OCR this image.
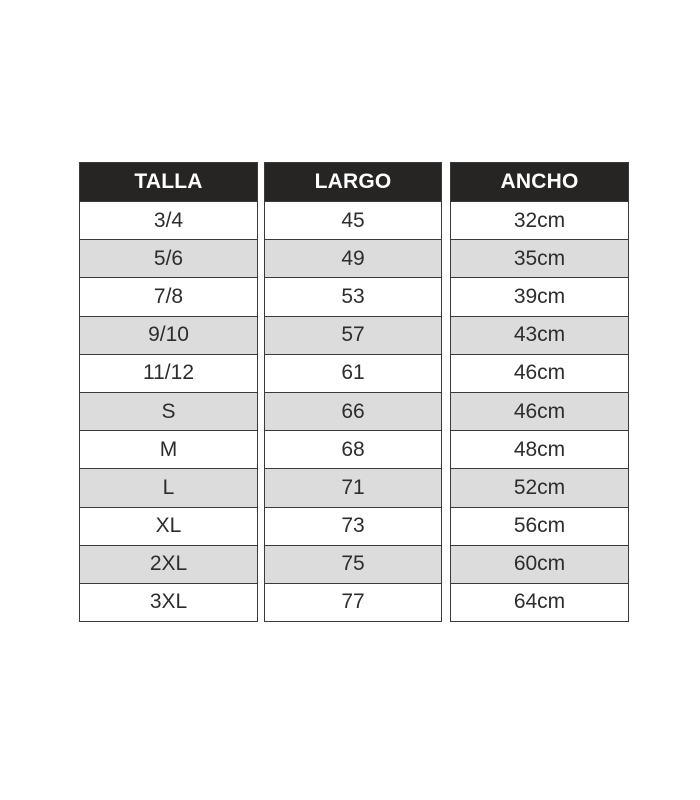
TALLA
3/4
5/6
7/8
9/10
11/12
S
M
L
XL
2XL
3XL
LARGO
45
49
53
57
61
66
68
71
73
75
77
ANCHO
32cm
35cm
39cm
43cm
46cm
46cm
48cm
52cm
56cm
60cm
64cm
